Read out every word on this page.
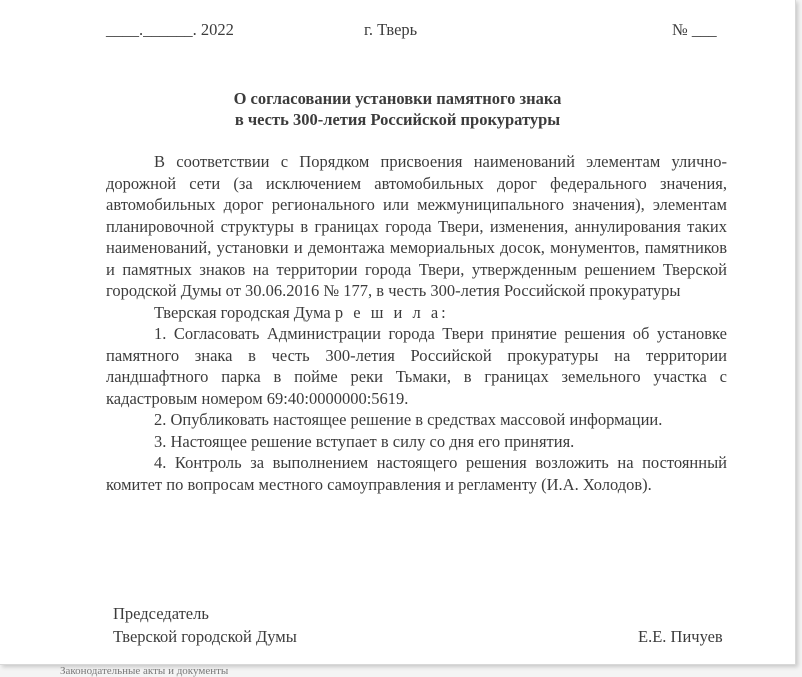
____.______. 2022	г. Тверь	№ ___
О согласовании установки памятного знака
в честь 300-летия Российской прокуратуры

В соответствии с Порядком присвоения наименований элементам улично-дорожной сети (за исключением автомобильных дорог федерального значения, автомобильных дорог регионального или межмуниципального значения), элементам планировочной структуры в границах города Твери, изменения, аннулирования таких наименований, установки и демонтажа мемориальных досок, монументов, памятников и памятных знаков на территории города Твери, утвержденным решением Тверской городской Думы от 30.06.2016 № 177, в честь 300-летия Российской прокуратуры

Тверская городская Дума р е ш и л а:

1. Согласовать Администрации города Твери принятие решения об установке памятного знака в честь 300-летия Российской прокуратуры на территории ландшафтного парка в пойме реки Тьмаки, в границах земельного участка с кадастровым номером 69:40:0000000:5619.

2. Опубликовать настоящее решение в средствах массовой информации.

3. Настоящее решение вступает в силу со дня его принятия.

4. Контроль за выполнением настоящего решения возложить на постоянный комитет по вопросам местного самоуправления и регламенту (И.А. Холодов).

Председатель
Тверской городской Думы	Е.Е. Пичуев
Законодательные акты и документы
